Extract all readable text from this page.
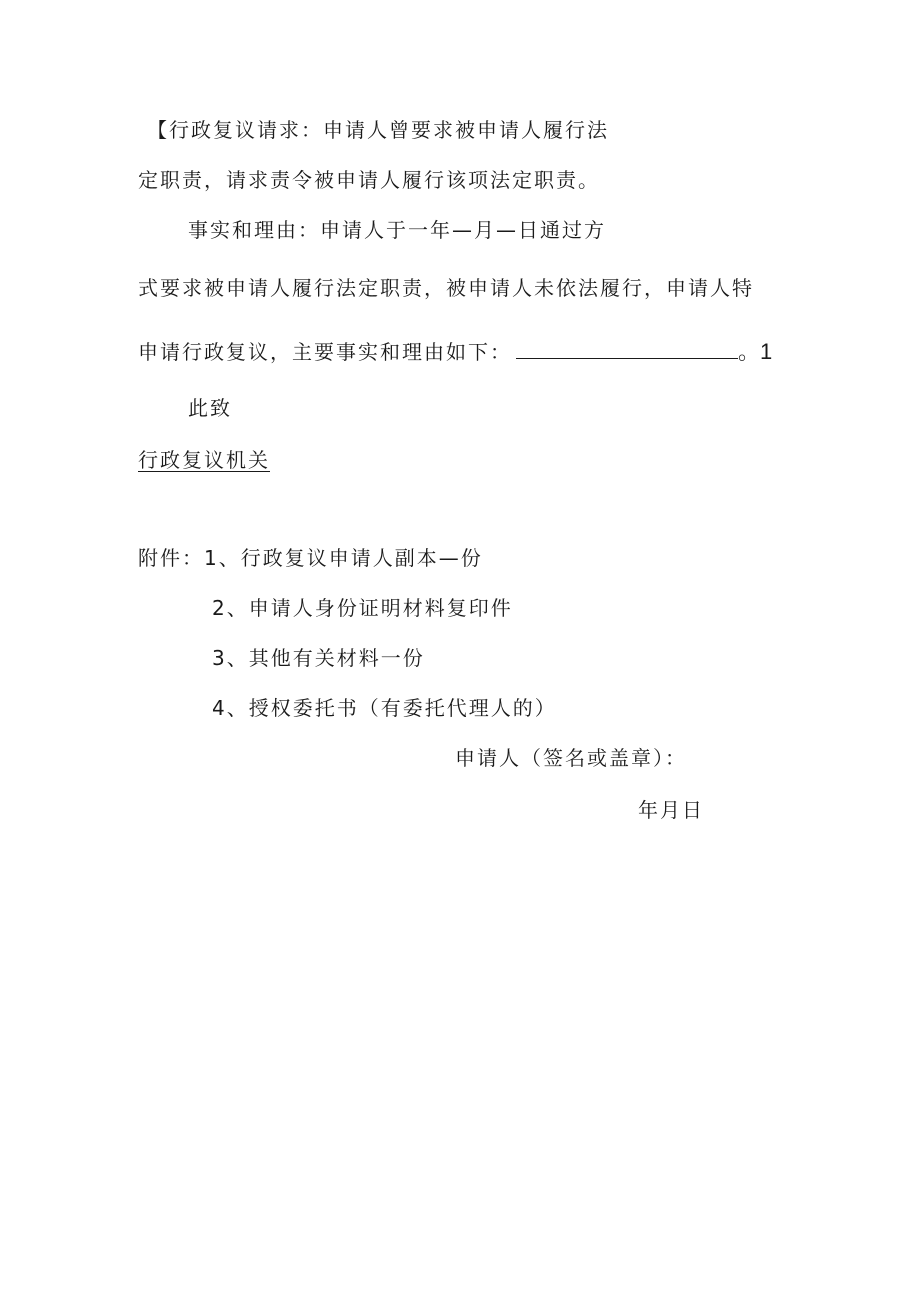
【行政复议请求：申请人曾要求被申请人履行法
定职责，请求责令被申请人履行该项法定职责。
事实和理由：申请人于一年—月—日通过方
式要求被申请人履行法定职责，被申请人未依法履行，申请人特
申请行政复议，主要事实和理由如下：	。1
此致
行政复议机关
附件：1、行政复议申请人副本—份
2、申请人身份证明材料复印件
3、其他有关材料一份
4、授权委托书（有委托代理人的）
申请人（签名或盖章）：
年月日
